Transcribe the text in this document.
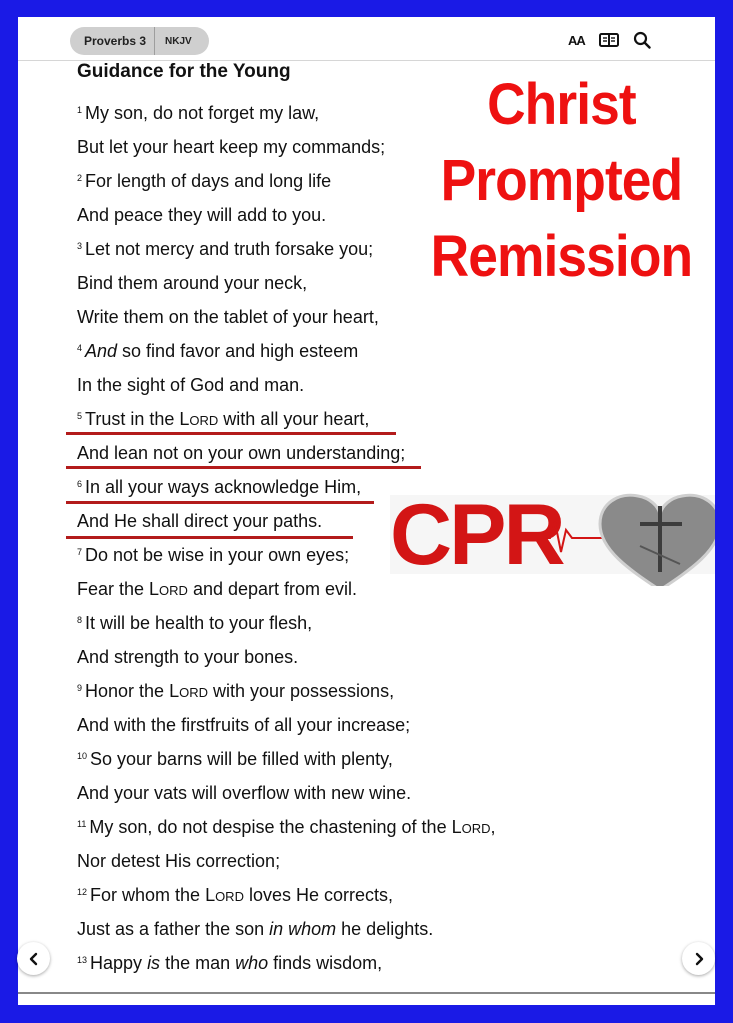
Proverbs 3	NKJV	AA
Guidance for the Young
$^1$ My son, do not forget my law,
But let your heart keep my commands;
$^2$ For length of days and long life
And peace they will add to you.
$^3$ Let not mercy and truth forsake you;
Bind them around your neck,
Write them on the tablet of your heart,
$^4$ And so find favor and high esteem
In the sight of God and man.
$^5$ Trust in the Lord with all your heart,
And lean not on your own understanding;
$^6$ In all your ways acknowledge Him,
And He shall direct your paths.
$^7$ Do not be wise in your own eyes;
Fear the Lord and depart from evil.
$^8$ It will be health to your flesh,
And strength to your bones.
$^9$ Honor the Lord with your possessions,
And with the firstfruits of all your increase;
$^{10}$ So your barns will be filled with plenty,
And your vats will overflow with new wine.
$^{11}$ My son, do not despise the chastening of the Lord,
Nor detest His correction;
$^{12}$ For whom the Lord loves He corrects,
Just as a father the son in whom he delights.
$^{13}$ Happy is the man who finds wisdom,
Christ
Prompted
Remission
CPR
